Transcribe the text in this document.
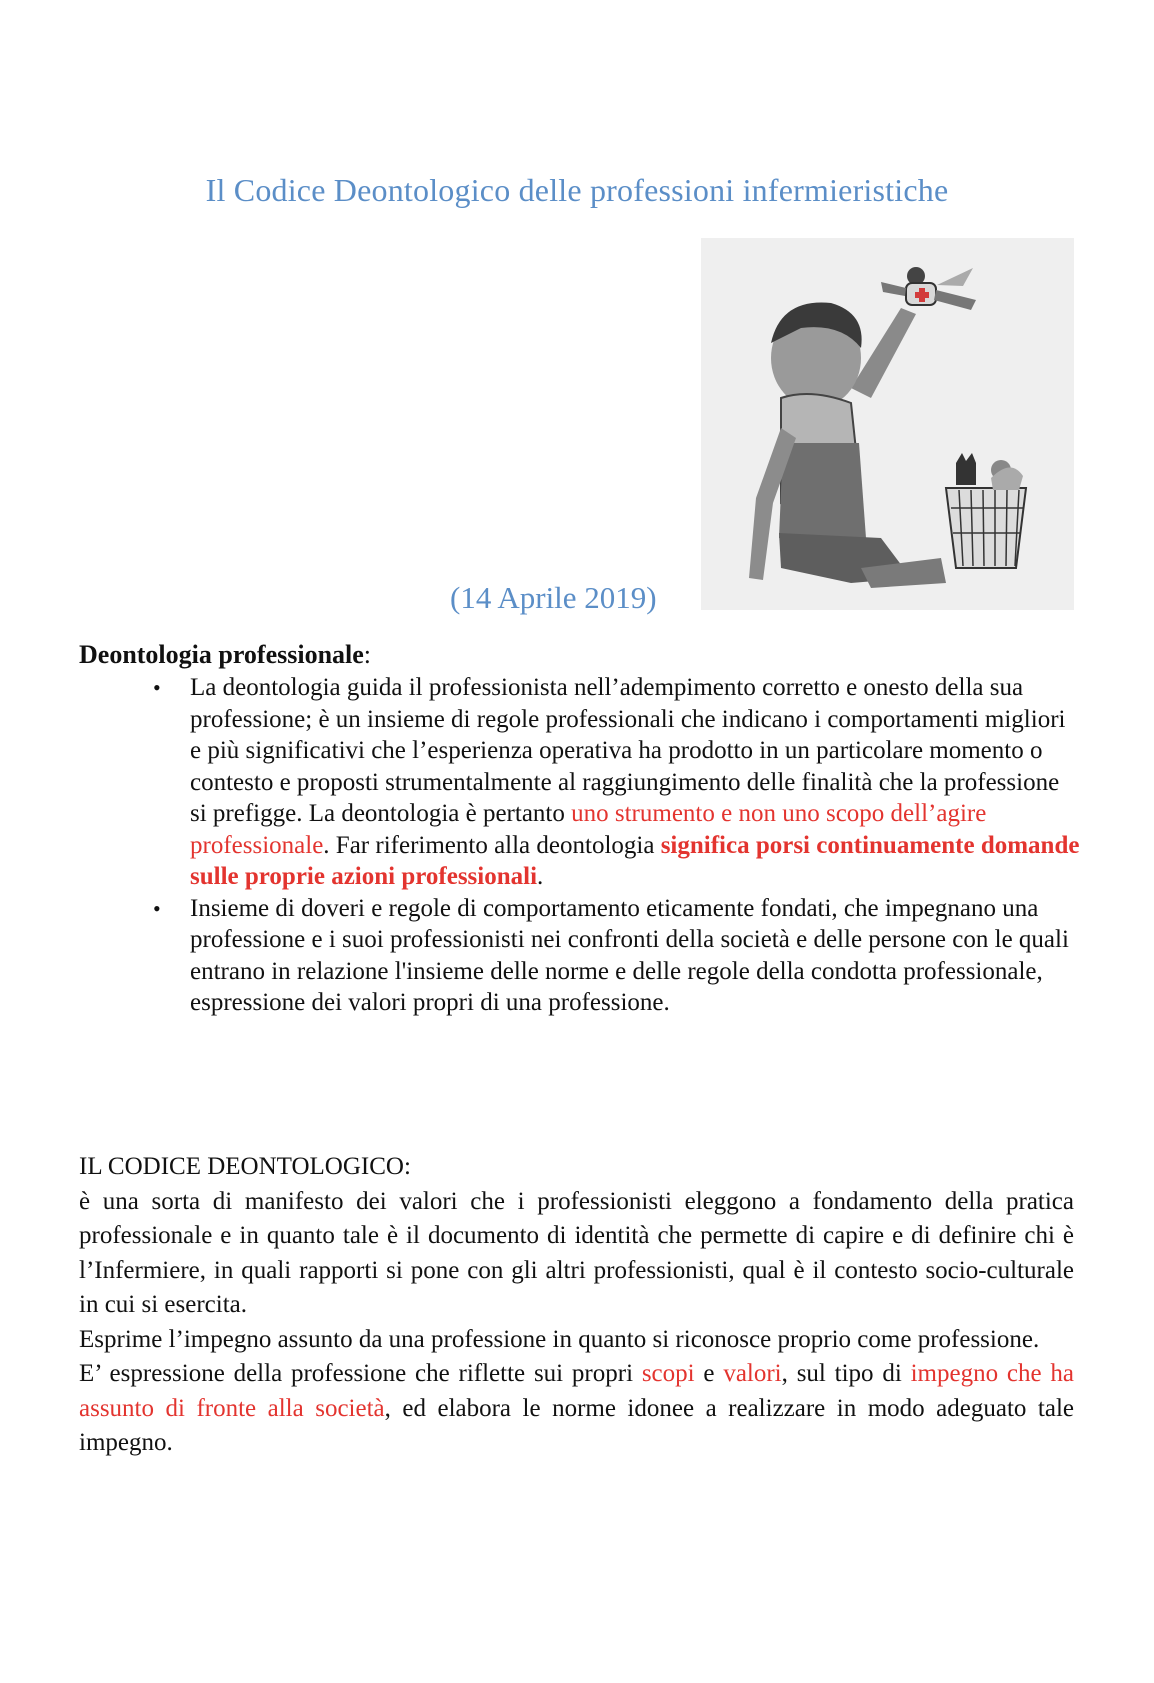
Il Codice Deontologico delle professioni infermieristiche
(14 Aprile 2019)
Deontologia professionale:
• La deontologia guida il professionista nell’adempimento corretto e onesto della sua professione; è un insieme di regole professionali che indicano i comportamenti migliori e più significativi che l’esperienza operativa ha prodotto in un particolare momento o contesto e proposti strumentalmente al raggiungimento delle finalità che la professione si prefigge. La deontologia è pertanto uno strumento e non uno scopo dell’agire professionale. Far riferimento alla deontologia significa porsi continuamente domande sulle proprie azioni professionali.
• Insieme di doveri e regole di comportamento eticamente fondati, che impegnano una professione e i suoi professionisti nei confronti della società e delle persone con le quali entrano in relazione l'insieme delle norme e delle regole della condotta professionale, espressione dei valori propri di una professione.

IL CODICE DEONTOLOGICO:

è una sorta di manifesto dei valori che i professionisti eleggono a fondamento della pratica professionale e in quanto tale è il documento di identità che permette di capire e di definire chi è l’Infermiere, in quali rapporti si pone con gli altri professionisti, qual è il contesto socio-culturale in cui si esercita.

Esprime l’impegno assunto da una professione in quanto si riconosce proprio come professione.

E’ espressione della professione che riflette sui propri scopi e valori, sul tipo di impegno che ha assunto di fronte alla società, ed elabora le norme idonee a realizzare in modo adeguato tale impegno.
